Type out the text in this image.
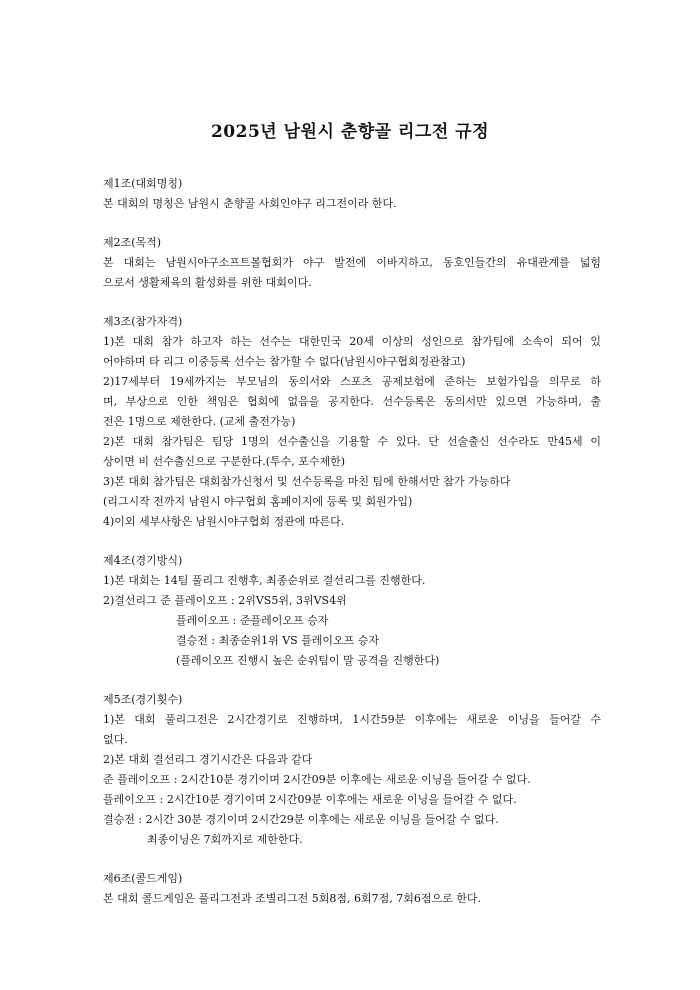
2025년 남원시 춘향골 리그전 규정
제1조(대회명칭)
본 대회의 명칭은 남원시 춘향골 사회인야구 리그전이라 한다.
제2조(목적)
본 대회는 남원시야구소프트볼협회가 야구 발전에 이바지하고, 동호인들간의 유대관계를 넓힘
으로서 생활체육의 활성화를 위한 대회이다.
제3조(참가자격)
1)본 대회 참가 하고자 하는 선수는 대한민국 20세 이상의 성인으로 참가팀에 소속이 되어 있
어야하며 타 리그 이중등록 선수는 참가할 수 없다(남원시야구협회정관참고)
2)17세부터 19세까지는 부모님의 동의서와 스포츠 공제보험에 준하는 보험가입을 의무로 하
며, 부상으로 인한 책임은 협회에 없음을 공지한다. 선수등록은 동의서만 있으면 가능하며, 출
전은 1명으로 제한한다. (교체 출전가능)
2)본 대회 참가팀은 팀당 1명의 선수출신을 기용할 수 있다. 단 선술출신 선수라도 만45세 이
상이면 비 선수출신으로 구분한다.(투수, 포수제한)
3)본 대회 참가팀은 대회참가신청서 및 선수등록을 마친 팀에 한해서만 참가 가능하다
(리그시작 전까지 남원시 야구협회 홈페이지에 등록 및 회원가입)
4)이외 세부사항은 남원시야구협회 정관에 따른다.
제4조(경기방식)
1)본 대회는 14팀 풀리그 진행후, 최종순위로 결선리그를 진행한다.
2)결선리그 준 플레이오프 : 2위VS5위, 3위VS4위
플레이오프 : 준플레이오프 승자
결승전 : 최종순위1위 VS 플레이오프 승자
(플레이오프 진행시 높은 순위팀이 말 공격을 진행한다)
제5조(경기횟수)
1)본 대회 풀리그전은 2시간경기로 진행하며, 1시간59분 이후에는 새로운 이닝을 들어갈 수
없다.
2)본 대회 결선리그 경기시간은 다음과 같다
준 플레이오프 : 2시간10분 경기이며 2시간09분 이후에는 새로운 이닝을 들어갈 수 없다.
플레이오프 : 2시간10분 경기이며 2시간09분 이후에는 새로운 이닝을 들어갈 수 없다.
결승전 : 2시간 30분 경기이며 2시간29분 이후에는 새로운 이닝을 들어갈 수 없다.
최종이닝은 7회까지로 제한한다.
제6조(콜드게임)
본 대회 콜드게임은 풀리그전과 조별리그전 5회8점, 6회7점, 7회6점으로 한다.
